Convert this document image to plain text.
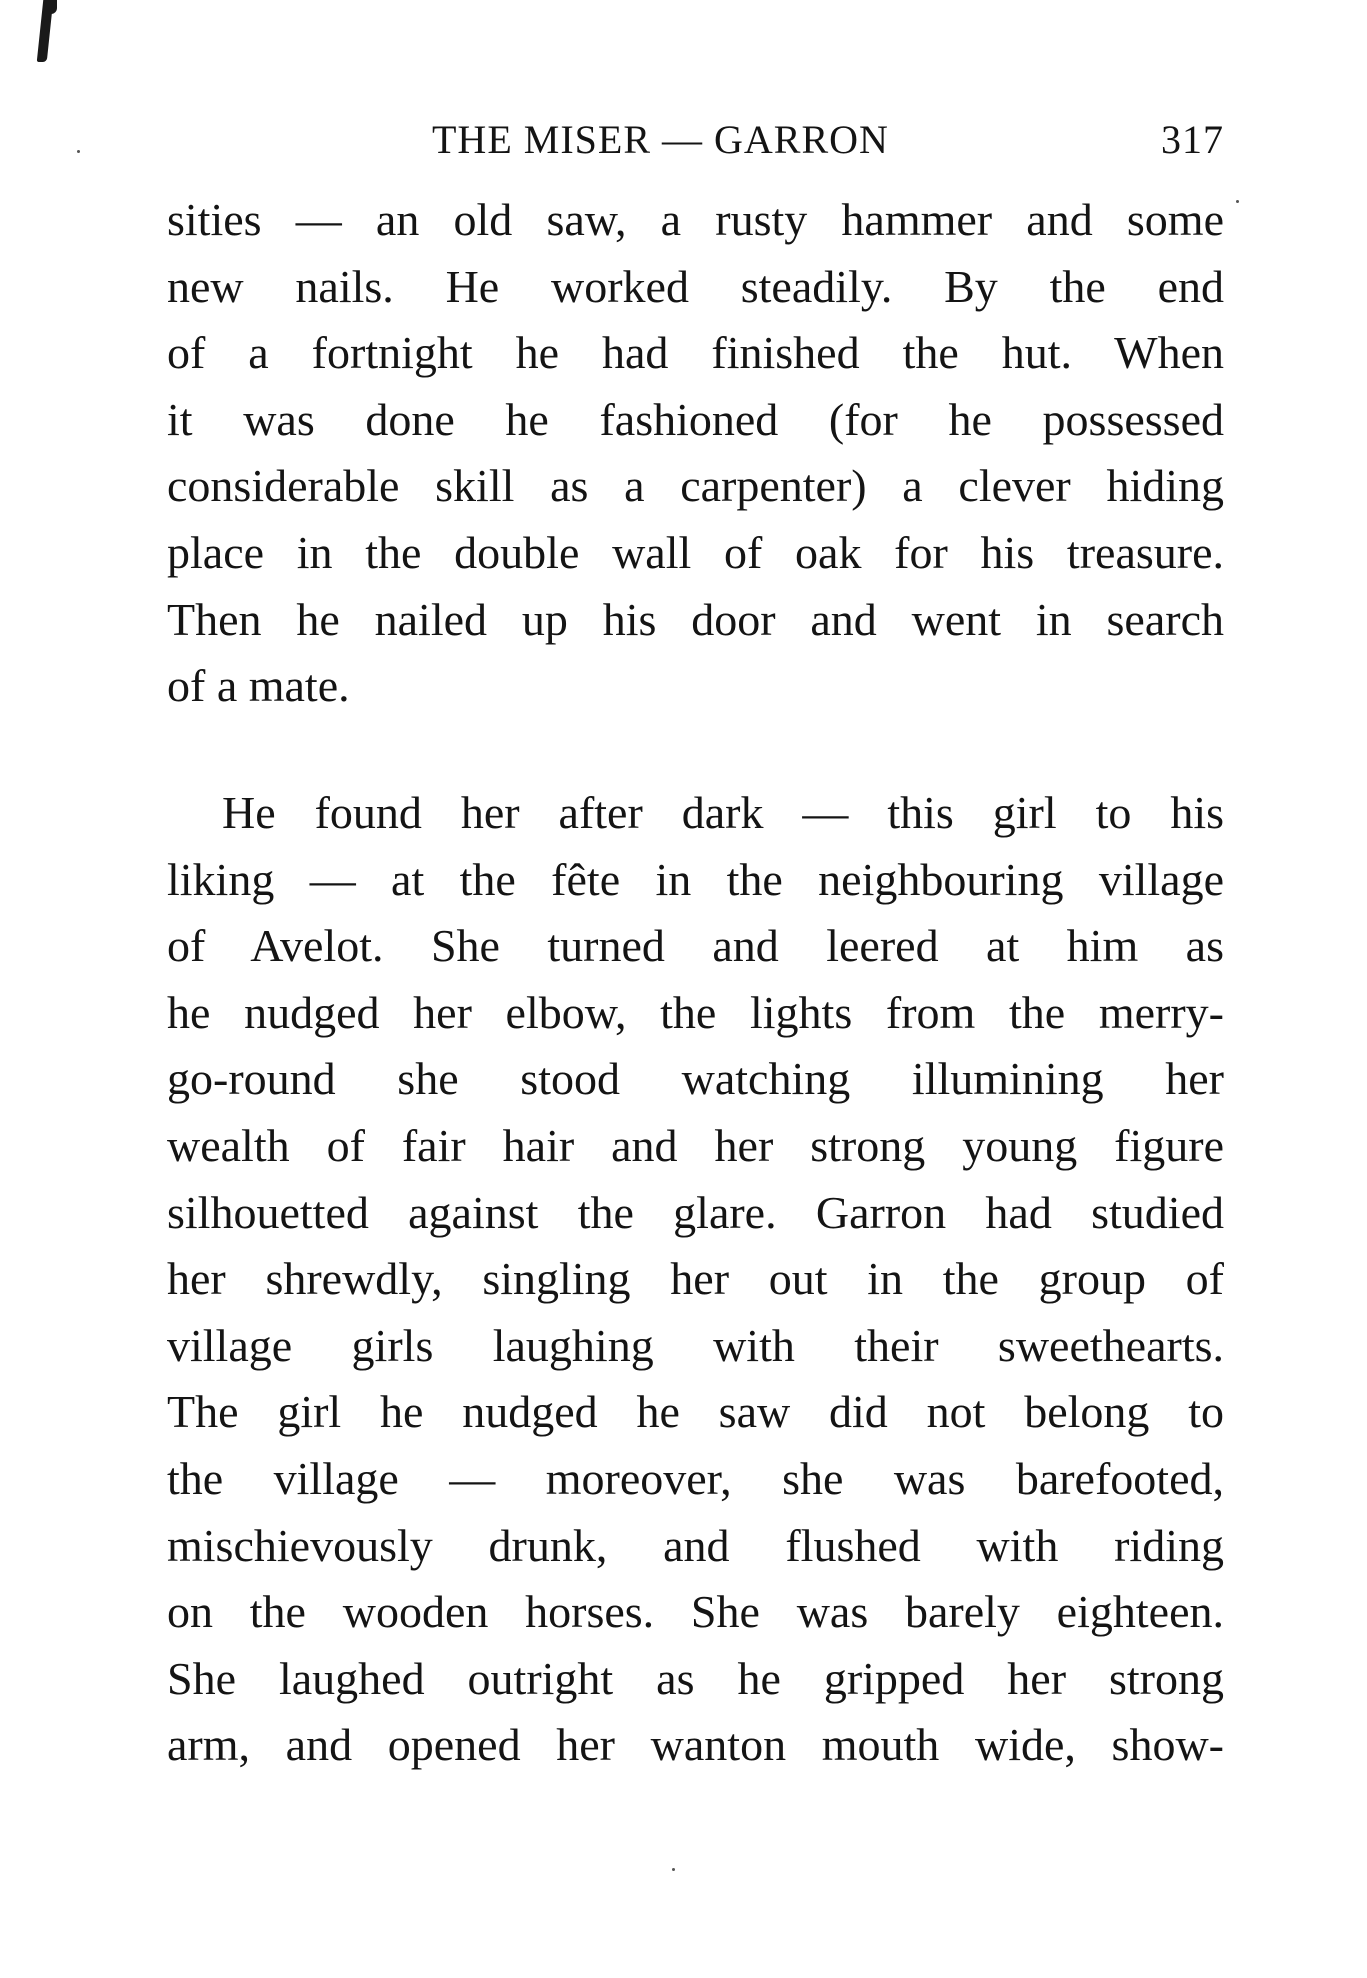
THE MISER — GARRON	317
sities — an old saw, a rusty hammer and some
new nails. He worked steadily. By the end
of a fortnight he had finished the hut. When
it was done he fashioned (for he possessed
considerable skill as a carpenter) a clever hiding
place in the double wall of oak for his treasure.
Then he nailed up his door and went in search
of a mate.
He found her after dark — this girl to his
liking — at the fête in the neighbouring village
of Avelot. She turned and leered at him as
he nudged her elbow, the lights from the merry-
go-round she stood watching illumining her
wealth of fair hair and her strong young figure
silhouetted against the glare. Garron had studied
her shrewdly, singling her out in the group of
village girls laughing with their sweethearts.
The girl he nudged he saw did not belong to
the village — moreover, she was barefooted,
mischievously drunk, and flushed with riding
on the wooden horses. She was barely eighteen.
She laughed outright as he gripped her strong
arm, and opened her wanton mouth wide, show-
